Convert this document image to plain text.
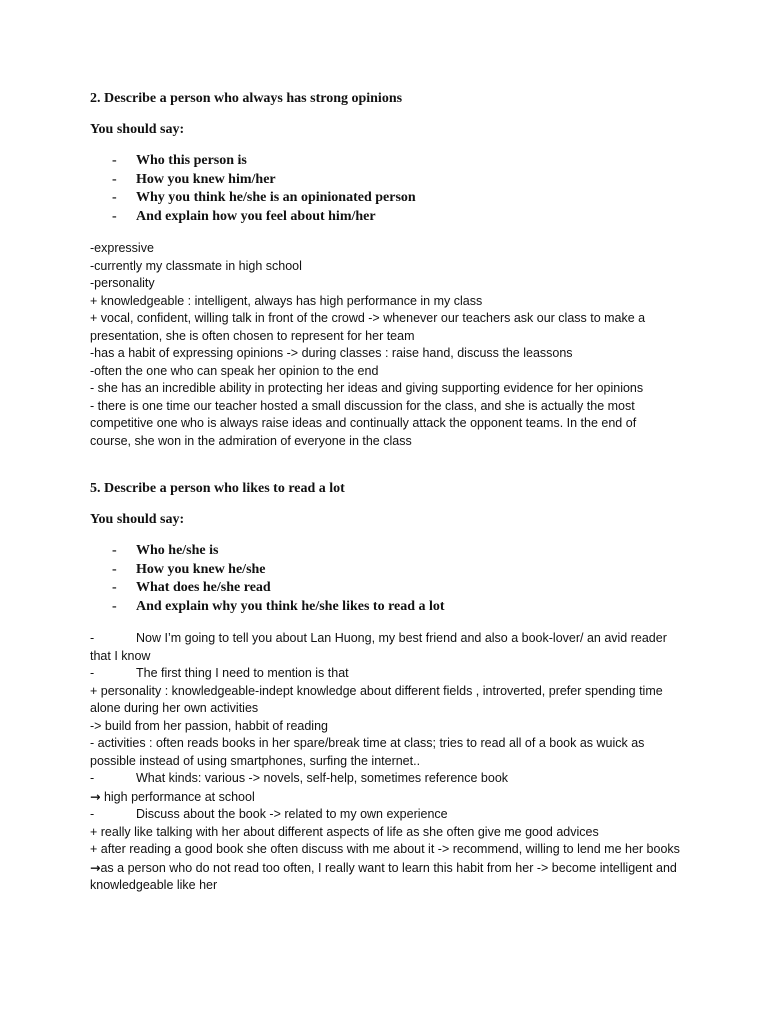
2. Describe a person who always has strong opinions
You should say:
- Who this person is
- How you knew him/her
- Why you think he/she is an opinionated person
- And explain how you feel about him/her

-expressive

-currently my classmate in high school

-personality

+ knowledgeable : intelligent, always has high performance in my class

+ vocal, confident, willing talk in front of the crowd -> whenever our teachers ask our class to make a presentation, she is often chosen to represent for her team

-has a habit of expressing opinions -> during classes : raise hand, discuss the leassons

-often the one who can speak her opinion to the end

- she has an incredible ability in protecting her ideas and giving supporting evidence for her opinions

- there is one time our teacher hosted a small discussion for the class, and she is actually the most competitive one who is always raise ideas and continually attack the opponent teams. In the end of course, she won in the admiration of everyone in the class

5. Describe a person who likes to read a lot
You should say:
- Who he/she is
- How you knew he/she
- What does he/she read
- And explain why you think he/she likes to read a lot

-	Now I’m going to tell you about Lan Huong, my best friend and also a book-lover/ an avid reader that I know

-	The first thing I need to mention is that

+ personality : knowledgeable-indept knowledge about different fields , introverted, prefer spending time alone during her own activities

-> build from her passion, habbit of reading

- activities : often reads books in her spare/break time at class; tries to read all of a book as wuick as possible instead of using smartphones, surfing the internet..

-	What kinds: various -> novels, self-help, sometimes reference book

→ high performance at school

-	Discuss about the book -> related to my own experience

+ really like talking with her about different aspects of life as she often give me good advices

+ after reading a good book she often discuss with me about it -> recommend, willing to lend me her books

→as a person who do not read too often, I really want to learn this habit from her -> become intelligent and knowledgeable like her
